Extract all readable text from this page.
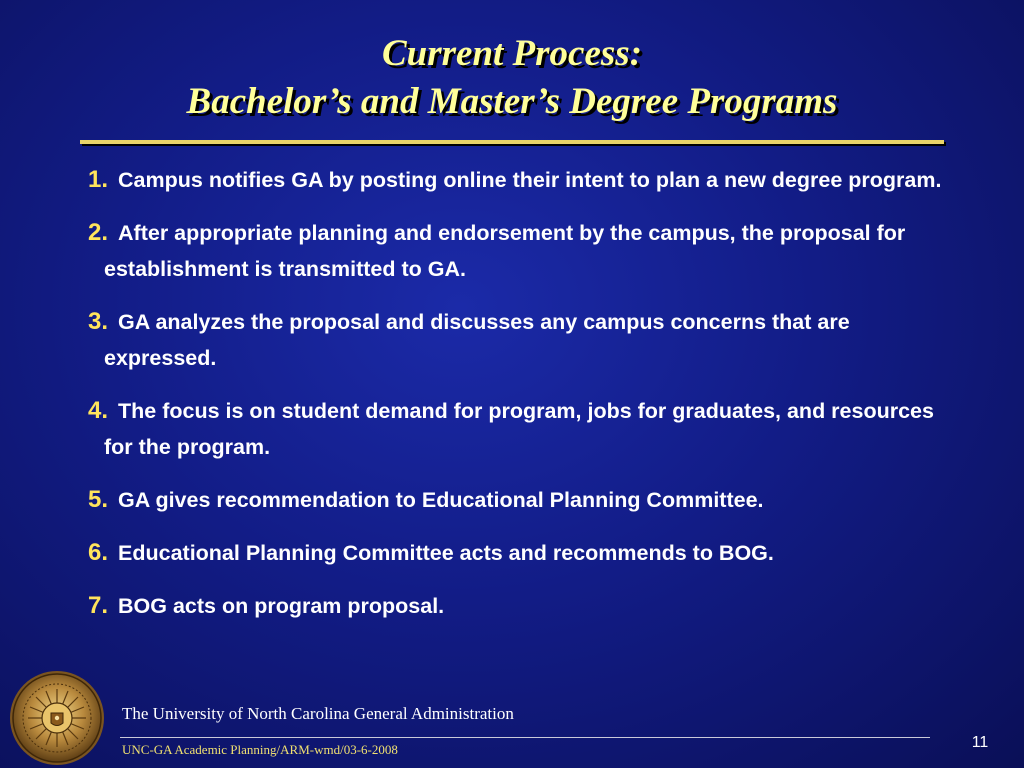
Current Process:
Bachelor’s and Master’s Degree Programs
1. Campus notifies GA by posting online their intent to plan a new degree program.
2. After appropriate planning and endorsement by the campus, the proposal for establishment is transmitted to GA.
3. GA analyzes the proposal and discusses any campus concerns that are expressed.
4. The focus is on student demand for program, jobs for graduates, and resources for the program.
5. GA gives recommendation to Educational Planning Committee.
6. Educational Planning Committee acts and recommends to BOG.
7. BOG acts on program proposal.
The University of North Carolina General Administration
UNC-GA Academic Planning/ARM-wmd/03-6-2008	11
